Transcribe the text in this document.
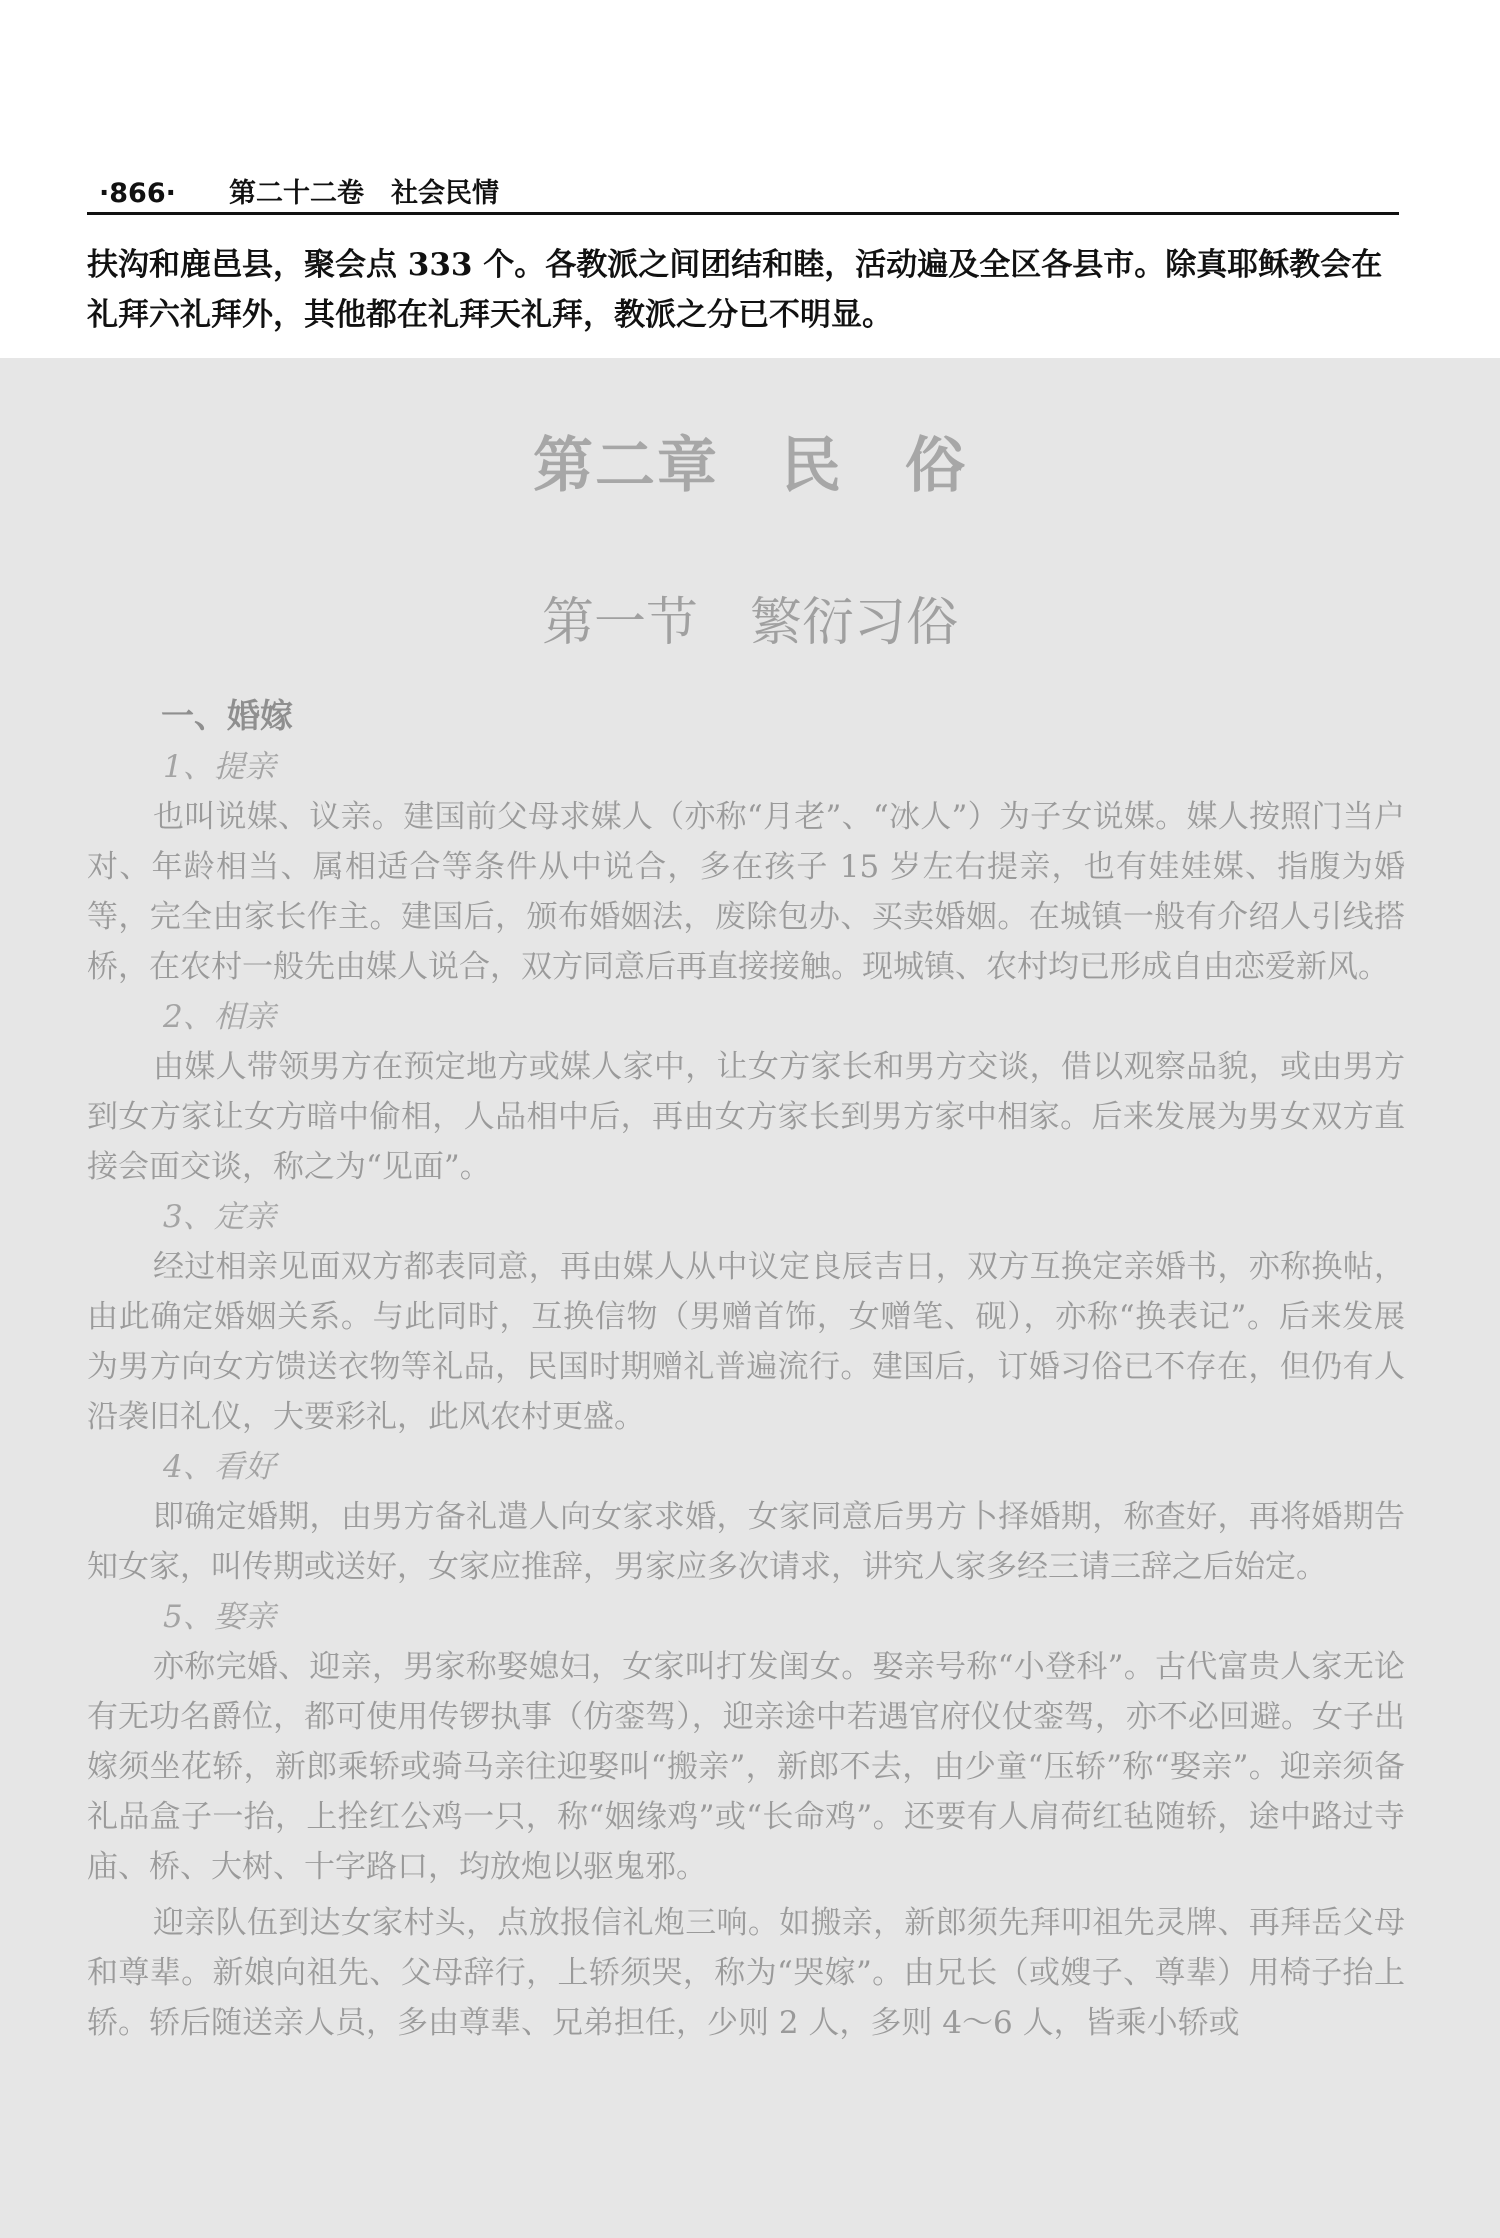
·866· 第二十二卷　社会民情

扶沟和鹿邑县，聚会点 333 个。各教派之间团结和睦，活动遍及全区各县市。除真耶稣教会在礼拜六礼拜外，其他都在礼拜天礼拜，教派之分已不明显。

第二章　民　俗
第一节　繁衍习俗
一、婚嫁
1、提亲

也叫说媒、议亲。建国前父母求媒人（亦称“月老”、“冰人”）为子女说媒。媒人按照门当户对、年龄相当、属相适合等条件从中说合，多在孩子 15 岁左右提亲，也有娃娃媒、指腹为婚等，完全由家长作主。建国后，颁布婚姻法，废除包办、买卖婚姻。在城镇一般有介绍人引线搭桥，在农村一般先由媒人说合，双方同意后再直接接触。现城镇、农村均已形成自由恋爱新风。

2、相亲

由媒人带领男方在预定地方或媒人家中，让女方家长和男方交谈，借以观察品貌，或由男方到女方家让女方暗中偷相，人品相中后，再由女方家长到男方家中相家。后来发展为男女双方直接会面交谈，称之为“见面”。

3、定亲

经过相亲见面双方都表同意，再由媒人从中议定良辰吉日，双方互换定亲婚书，亦称换帖，由此确定婚姻关系。与此同时，互换信物（男赠首饰，女赠笔、砚），亦称“换表记”。后来发展为男方向女方馈送衣物等礼品，民国时期赠礼普遍流行。建国后，订婚习俗已不存在，但仍有人沿袭旧礼仪，大要彩礼，此风农村更盛。

4、看好

即确定婚期，由男方备礼遣人向女家求婚，女家同意后男方卜择婚期，称查好，再将婚期告知女家，叫传期或送好，女家应推辞，男家应多次请求，讲究人家多经三请三辞之后始定。

5、娶亲

亦称完婚、迎亲，男家称娶媳妇，女家叫打发闺女。娶亲号称“小登科”。古代富贵人家无论有无功名爵位，都可使用传锣执事（仿銮驾），迎亲途中若遇官府仪仗銮驾，亦不必回避。女子出嫁须坐花轿，新郎乘轿或骑马亲往迎娶叫“搬亲”，新郎不去，由少童“压轿”称“娶亲”。迎亲须备礼品盒子一抬，上拴红公鸡一只，称“姻缘鸡”或“长命鸡”。还要有人肩荷红毡随轿，途中路过寺庙、桥、大树、十字路口，均放炮以驱鬼邪。

迎亲队伍到达女家村头，点放报信礼炮三响。如搬亲，新郎须先拜叩祖先灵牌、再拜岳父母和尊辈。新娘向祖先、父母辞行，上轿须哭，称为“哭嫁”。由兄长（或嫂子、尊辈）用椅子抬上轿。轿后随送亲人员，多由尊辈、兄弟担任，少则 2 人，多则 4～6 人，皆乘小轿或
